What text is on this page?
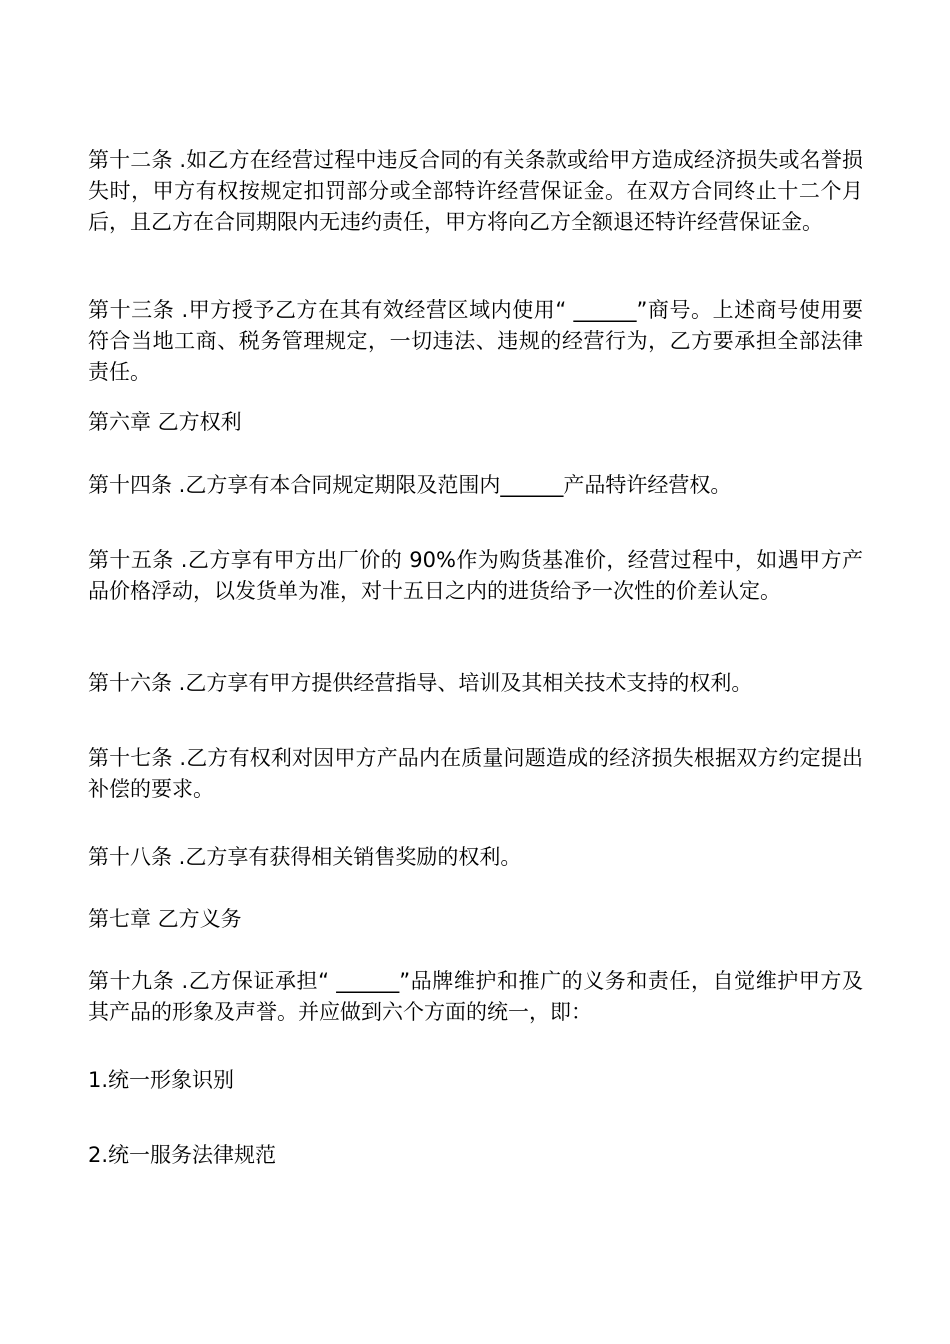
第十二条 .如乙方在经营过程中违反合同的有关条款或给甲方造成经济损失或名誉损失时，甲方有权按规定扣罚部分或全部特许经营保证金。在双方合同终止十二个月后，且乙方在合同期限内无违约责任，甲方将向乙方全额退还特许经营保证金。

第十三条 .甲方授予乙方在其有效经营区域内使用“ ______”商号。上述商号使用要符合当地工商、税务管理规定，一切违法、违规的经营行为，乙方要承担全部法律责任。

第六章 乙方权利

第十四条 .乙方享有本合同规定期限及范围内______产品特许经营权。

第十五条 .乙方享有甲方出厂价的 90%作为购货基准价，经营过程中，如遇甲方产品价格浮动，以发货单为准，对十五日之内的进货给予一次性的价差认定。

第十六条 .乙方享有甲方提供经营指导、培训及其相关技术支持的权利。

第十七条 .乙方有权利对因甲方产品内在质量问题造成的经济损失根据双方约定提出补偿的要求。

第十八条 .乙方享有获得相关销售奖励的权利。

第七章 乙方义务

第十九条 .乙方保证承担“ ______”品牌维护和推广的义务和责任，自觉维护甲方及其产品的形象及声誉。并应做到六个方面的统一，即：

1.统一形象识别

2.统一服务法律规范
